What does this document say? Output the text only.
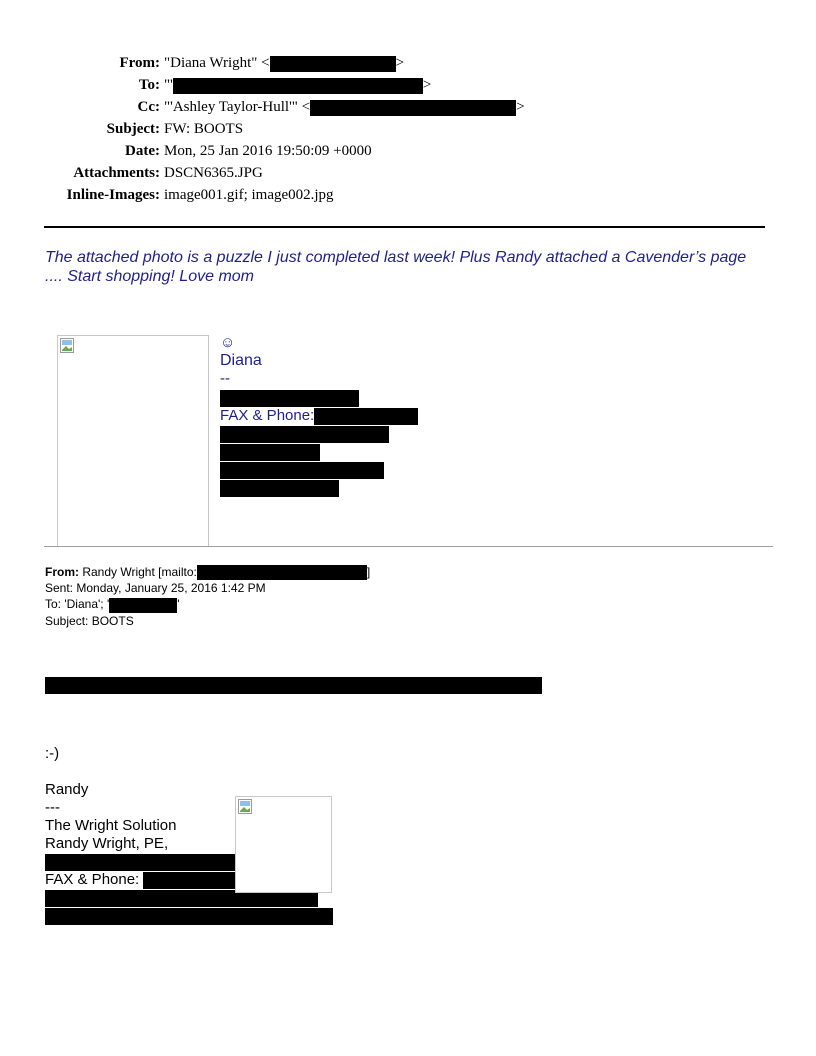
From: "Diana Wright" <	>
To: "'	>
Cc: "'Ashley Taylor-Hull'" <	>
Subject: FW: BOOTS
Date: Mon, 25 Jan 2016 19:50:09 +0000
Attachments: DSCN6365.JPG
Inline-Images: image001.gif; image002.jpg
The attached photo is a puzzle I just completed last week! Plus Randy attached a Cavender’s page .... Start shopping! Love mom
☺
Diana
--
FAX & Phone:
From: Randy Wright [mailto:	]
Sent: Monday, January 25, 2016 1:42 PM
To: 'Diana'; '	'
Subject: BOOTS
:-)
Randy
---
The Wright Solution
Randy Wright, PE,
FAX & Phone:
